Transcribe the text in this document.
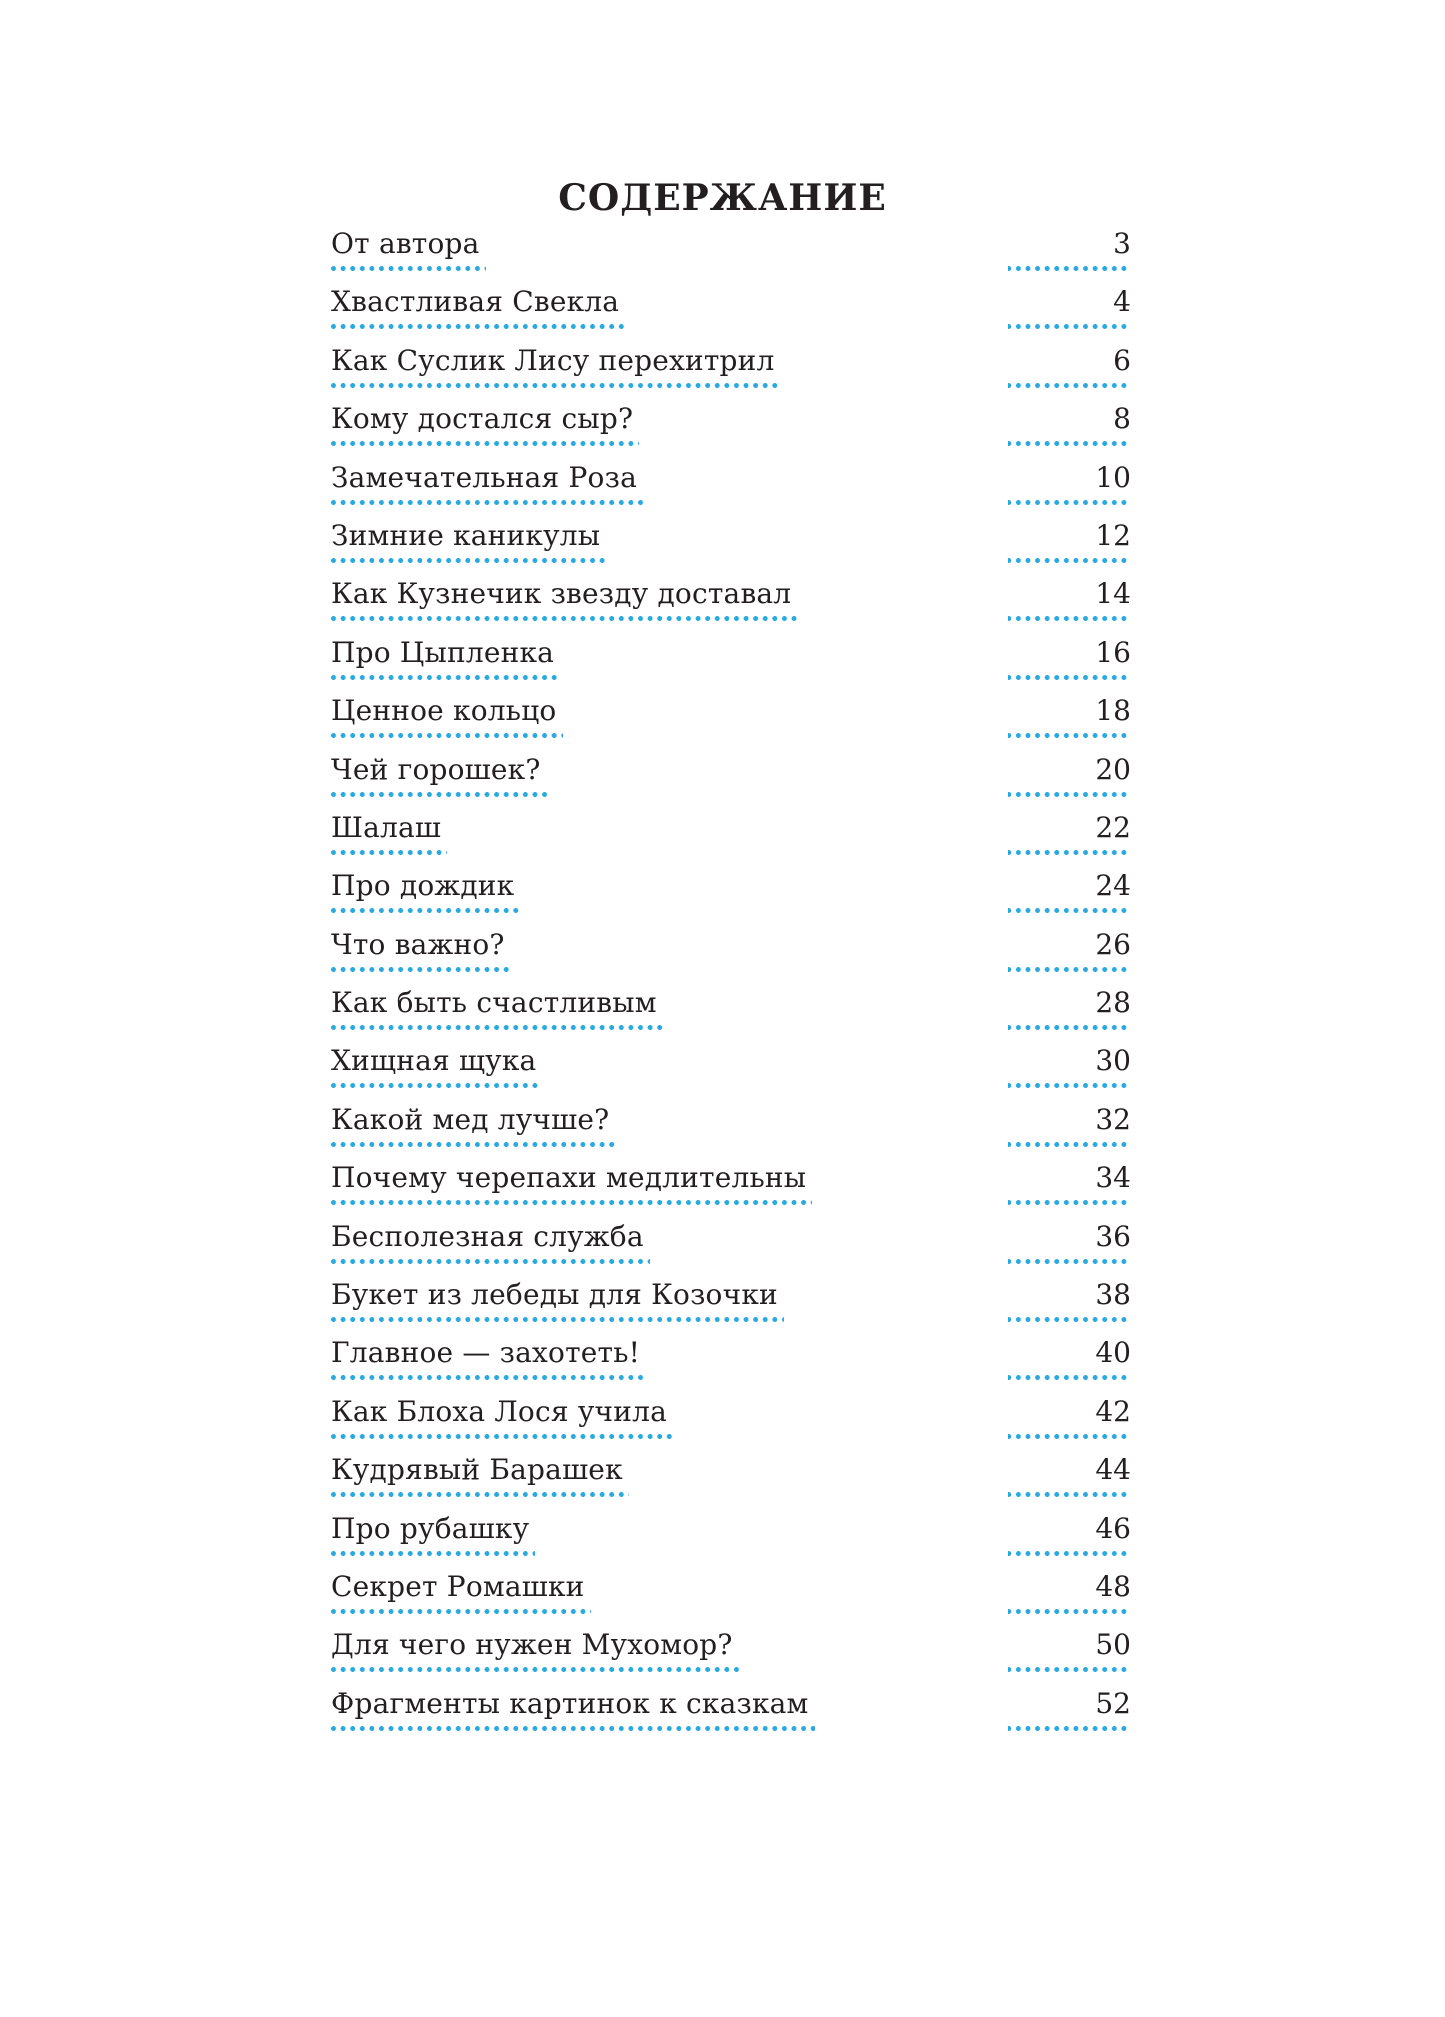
СОДЕРЖАНИЕ
От автора	3
Хвастливая Свекла	4
Как Суслик Лису перехитрил	6
Кому достался сыр?	8
Замечательная Роза	10
Зимние каникулы	12
Как Кузнечик звезду доставал	14
Про Цыпленка	16
Ценное кольцо	18
Чей горошек?	20
Шалаш	22
Про дождик	24
Что важно?	26
Как быть счастливым	28
Хищная щука	30
Какой мед лучше?	32
Почему черепахи медлительны	34
Бесполезная служба	36
Букет из лебеды для Козочки	38
Главное — захотеть!	40
Как Блоха Лося учила	42
Кудрявый Барашек	44
Про рубашку	46
Секрет Ромашки	48
Для чего нужен Мухомор?	50
Фрагменты картинок к сказкам	52
